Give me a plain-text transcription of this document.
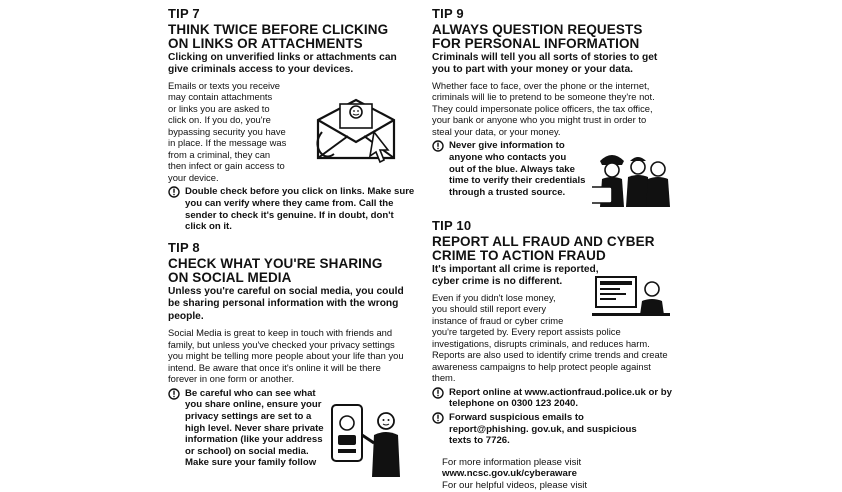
TIP 7
THINK TWICE BEFORE CLICKING
ON LINKS OR ATTACHMENTS
Clicking on unverified links or attachments can give criminals access to your devices.
Emails or texts you receive
may contain attachments
or links you are asked to
click on. If you do, you're
bypassing security you have
in place. If the message was
from a criminal, they can
then infect or gain access to
your device.
Double check before you click on links. Make sure you can verify where they came from. Call the sender to check it's genuine. If in doubt, don't click on it.
TIP 8
CHECK WHAT YOU'RE SHARING
ON SOCIAL MEDIA
Unless you're careful on social media, you could be sharing personal information with the wrong people.
Social Media is great to keep in touch with friends and family, but unless you've checked your privacy settings you might be telling more people about your life than you intend. Be aware that once it's online it will be there forever in one form or another.
Be careful who can see what
you share online, ensure your
privacy settings are set to a
high level. Never share private
information (like your address
or school) on social media.
Make sure your family follow
TIP 9
ALWAYS QUESTION REQUESTS
FOR PERSONAL INFORMATION
Criminals will tell you all sorts of stories to get you to part with your money or your data.
Whether face to face, over the phone or the internet, criminals will lie to pretend to be someone they're not. They could impersonate police officers, the tax office, your bank or anyone who you might trust in order to steal your data, or your money.
Never give information to
anyone who contacts you
out of the blue. Always take
time to verify their credentials
through a trusted source.
TIP 10
REPORT ALL FRAUD AND CYBER
CRIME TO ACTION FRAUD
It's important all crime is reported,
cyber crime is no different.
Even if you didn't lose money,
you should still report every
instance of fraud or cyber crime
you're targeted by. Every report assists police investigations, disrupts criminals, and reduces harm. Reports are also used to identify crime trends and create awareness campaigns to help protect people against them.
Report online at www.actionfraud.police.uk or by telephone on 0300 123 2040.
Forward suspicious emails to report@phishing. gov.uk, and suspicious texts to 7726.
For more information please visit
www.ncsc.gov.uk/cyberaware
For our helpful videos, please visit
